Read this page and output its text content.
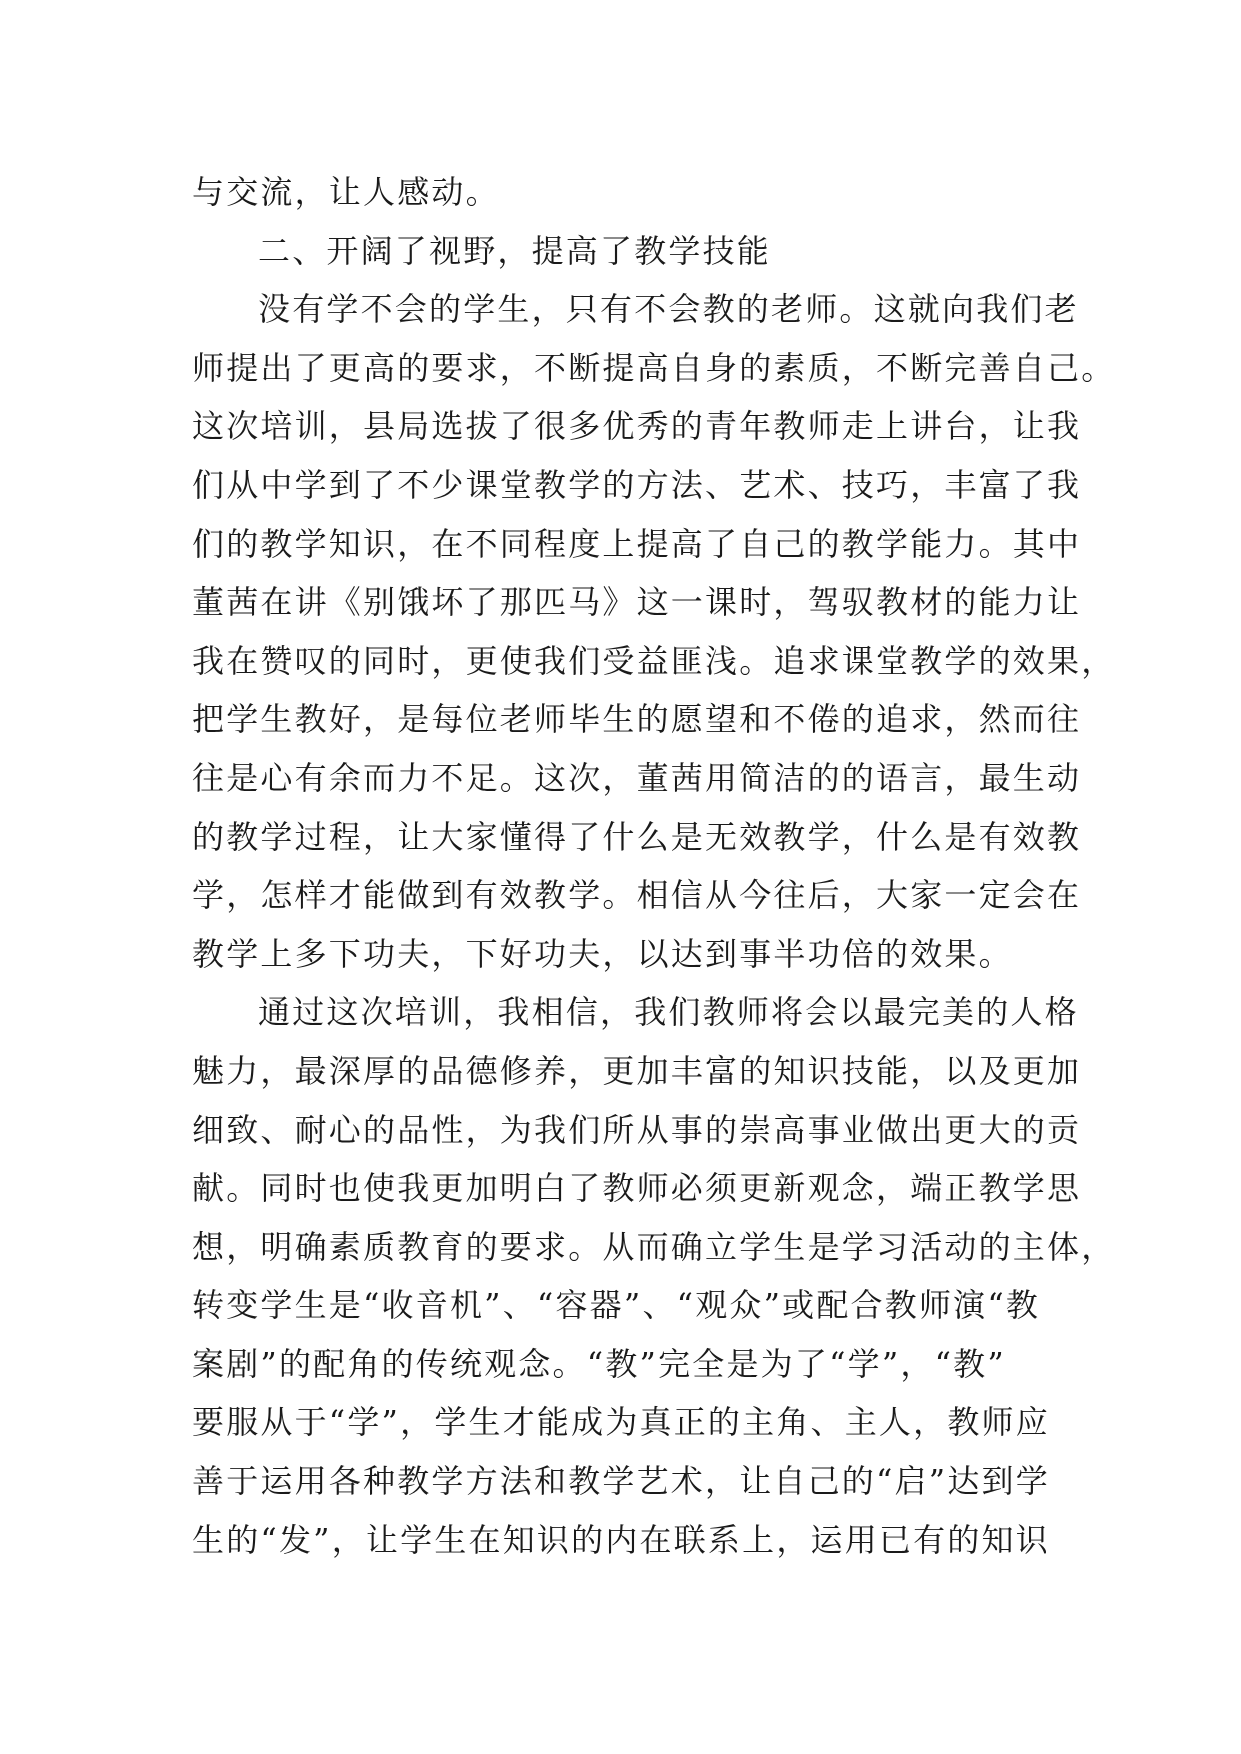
与交流，让人感动。
二、开阔了视野，提高了教学技能
没有学不会的学生，只有不会教的老师。这就向我们老
师提出了更高的要求，不断提高自身的素质，不断完善自己。
这次培训，县局选拔了很多优秀的青年教师走上讲台，让我
们从中学到了不少课堂教学的方法、艺术、技巧，丰富了我
们的教学知识，在不同程度上提高了自己的教学能力。其中
董茜在讲《别饿坏了那匹马》这一课时，驾驭教材的能力让
我在赞叹的同时，更使我们受益匪浅。追求课堂教学的效果，
把学生教好，是每位老师毕生的愿望和不倦的追求，然而往
往是心有余而力不足。这次，董茜用简洁的的语言，最生动
的教学过程，让大家懂得了什么是无效教学，什么是有效教
学，怎样才能做到有效教学。相信从今往后，大家一定会在
教学上多下功夫，下好功夫，以达到事半功倍的效果。
通过这次培训，我相信，我们教师将会以最完美的人格
魅力，最深厚的品德修养，更加丰富的知识技能，以及更加
细致、耐心的品性，为我们所从事的崇高事业做出更大的贡
献。同时也使我更加明白了教师必须更新观念，端正教学思
想，明确素质教育的要求。从而确立学生是学习活动的主体，
转变学生是“收音机”、“容器”、“观众”或配合教师演“教
案剧”的配角的传统观念。“教”完全是为了“学”，“教”
要服从于“学”，学生才能成为真正的主角、主人，教师应
善于运用各种教学方法和教学艺术，让自己的“启”达到学
生的“发”，让学生在知识的内在联系上，运用已有的知识
